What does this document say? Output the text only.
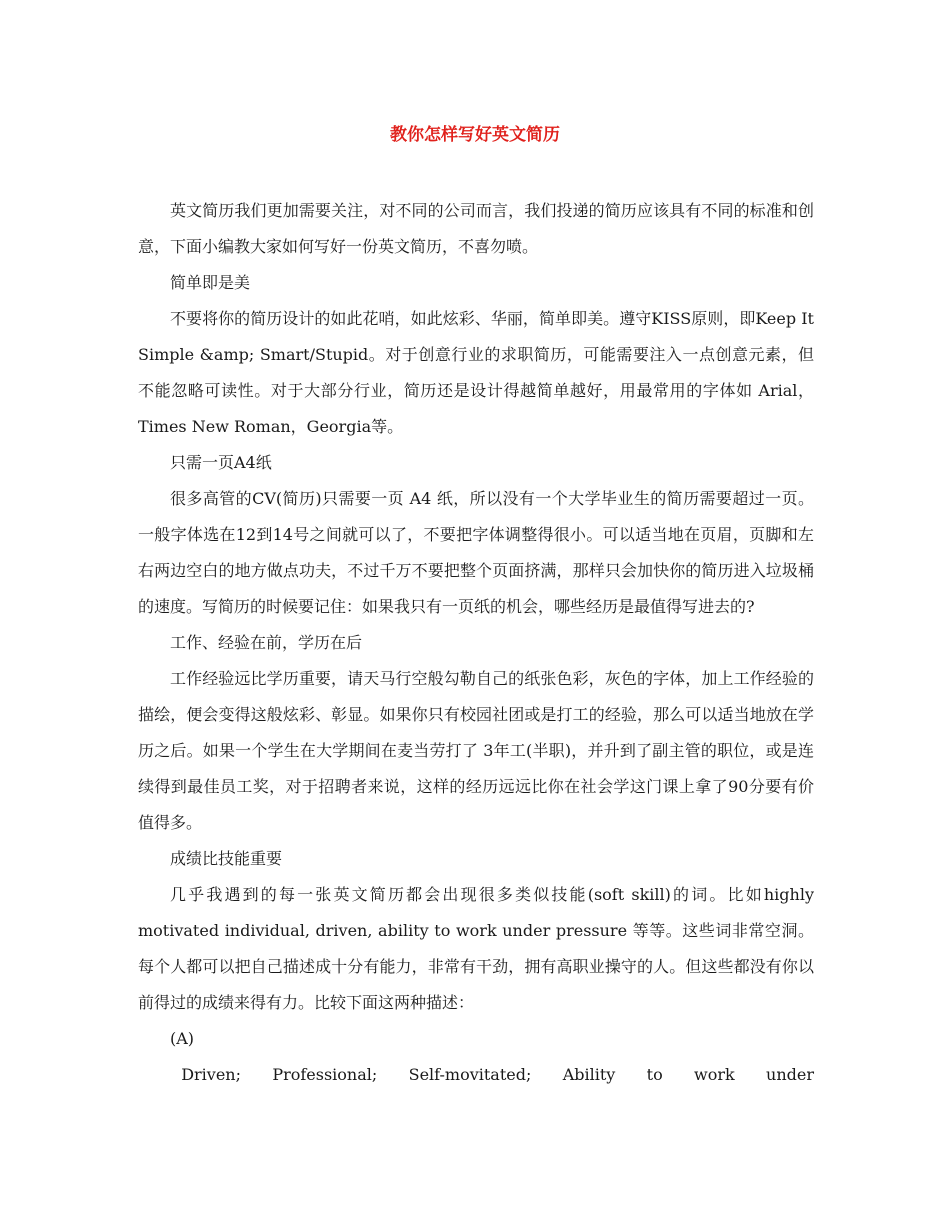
教你怎样写好英文简历

英文简历我们更加需要关注，对不同的公司而言，我们投递的简历应该具有不同的标准和创意，下面小编教大家如何写好一份英文简历，不喜勿喷。

简单即是美

不要将你的简历设计的如此花哨，如此炫彩、华丽，简单即美。遵守KISS原则，即Keep It Simple &amp; Smart/Stupid。对于创意行业的求职简历，可能需要注入一点创意元素，但不能忽略可读性。对于大部分行业，简历还是设计得越简单越好，用最常用的字体如 Arial，Times New Roman，Georgia等。

只需一页A4纸

很多高管的CV(简历)只需要一页 A4 纸，所以没有一个大学毕业生的简历需要超过一页。一般字体选在12到14号之间就可以了，不要把字体调整得很小。可以适当地在页眉，页脚和左右两边空白的地方做点功夫，不过千万不要把整个页面挤满，那样只会加快你的简历进入垃圾桶的速度。写简历的时候要记住：如果我只有一页纸的机会，哪些经历是最值得写进去的?

工作、经验在前，学历在后

工作经验远比学历重要，请天马行空般勾勒自己的纸张色彩，灰色的字体，加上工作经验的描绘，便会变得这般炫彩、彰显。如果你只有校园社团或是打工的经验，那么可以适当地放在学历之后。如果一个学生在大学期间在麦当劳打了 3年工(半职)，并升到了副主管的职位，或是连续得到最佳员工奖，对于招聘者来说，这样的经历远远比你在社会学这门课上拿了90分要有价值得多。

成绩比技能重要

几乎我遇到的每一张英文简历都会出现很多类似技能(soft skill)的词。比如highly motivated individual, driven, ability to work under pressure 等等。这些词非常空洞。每个人都可以把自己描述成十分有能力，非常有干劲，拥有高职业操守的人。但这些都没有你以前得过的成绩来得有力。比较下面这两种描述：

(A)

Driven; Professional; Self-movitated; Ability to work under
